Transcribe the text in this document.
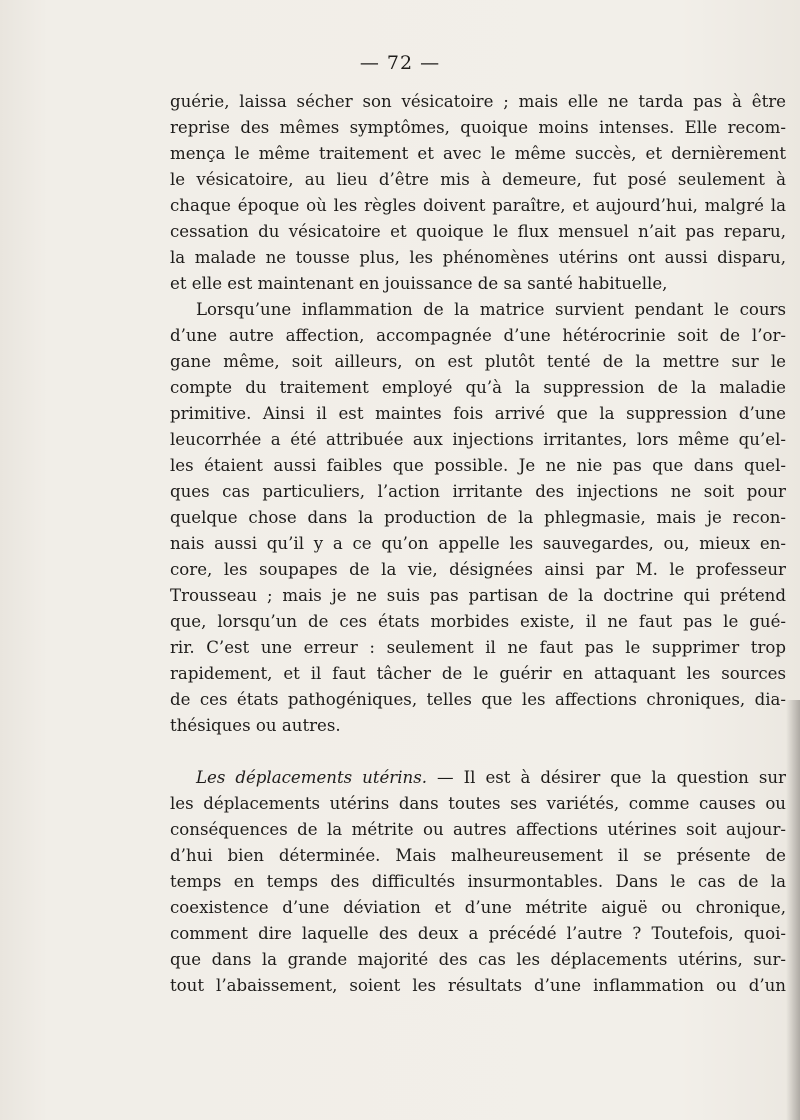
— 72 —
guérie, laissa sécher son vésicatoire ; mais elle ne tarda pas à être
reprise des mêmes symptômes, quoique moins intenses. Elle recom-
mença le même traitement et avec le même succès, et dernièrement
le vésicatoire, au lieu d’être mis à demeure, fut posé seulement à
chaque époque où les règles doivent paraître, et aujourd’hui, malgré la
cessation du vésicatoire et quoique le flux mensuel n’ait pas reparu,
la malade ne tousse plus, les phénomènes utérins ont aussi disparu,
et elle est maintenant en jouissance de sa santé habituelle,
Lorsqu’une inflammation de la matrice survient pendant le cours
d’une autre affection, accompagnée d’une hétérocrinie soit de l’or-
gane même, soit ailleurs, on est plutôt tenté de la mettre sur le
compte du traitement employé qu’à la suppression de la maladie
primitive. Ainsi il est maintes fois arrivé que la suppression d’une
leucorrhée a été attribuée aux injections irritantes, lors même qu’el-
les étaient aussi faibles que possible. Je ne nie pas que dans quel-
ques cas particuliers, l’action irritante des injections ne soit pour
quelque chose dans la production de la phlegmasie, mais je recon-
nais aussi qu’il y a ce qu’on appelle les sauvegardes, ou, mieux en-
core, les soupapes de la vie, désignées ainsi par M. le professeur
Trousseau ; mais je ne suis pas partisan de la doctrine qui prétend
que, lorsqu’un de ces états morbides existe, il ne faut pas le gué-
rir. C’est une erreur : seulement il ne faut pas le supprimer trop
rapidement, et il faut tâcher de le guérir en attaquant les sources
de ces états pathogéniques, telles que les affections chroniques, dia-
thésiques ou autres.
Les déplacements utérins. — Il est à désirer que la question sur
les déplacements utérins dans toutes ses variétés, comme causes ou
conséquences de la métrite ou autres affections utérines soit aujour-
d’hui bien déterminée. Mais malheureusement il se présente de
temps en temps des difficultés insurmontables. Dans le cas de la
coexistence d’une déviation et d’une métrite aiguë ou chronique,
comment dire laquelle des deux a précédé l’autre ? Toutefois, quoi-
que dans la grande majorité des cas les déplacements utérins, sur-
tout l’abaissement, soient les résultats d’une inflammation ou d’un
